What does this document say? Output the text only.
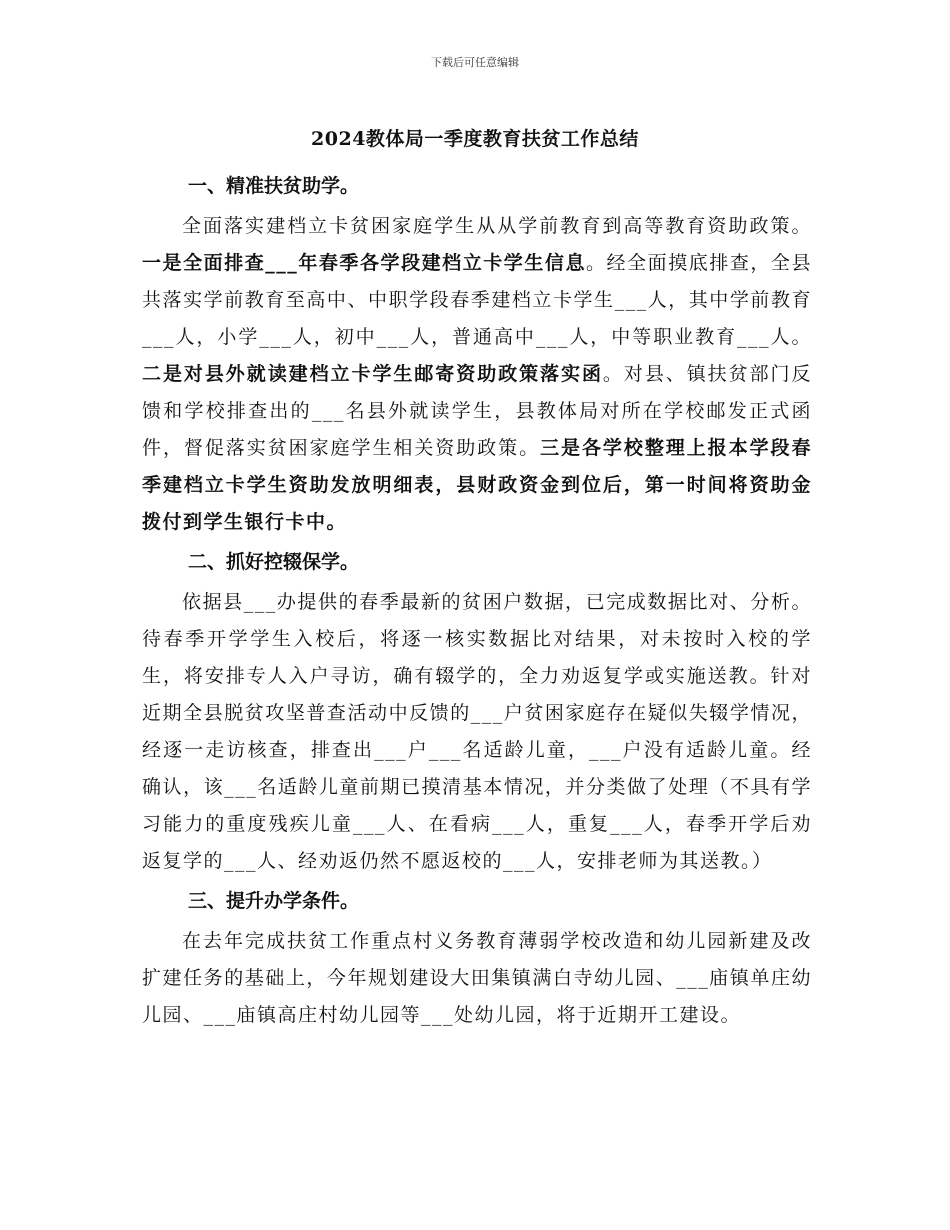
下载后可任意编辑
2024教体局一季度教育扶贫工作总结
一、精准扶贫助学。

全面落实建档立卡贫困家庭学生从从学前教育到高等教育资助政策。一是全面排查___年春季各学段建档立卡学生信息。经全面摸底排查，全县共落实学前教育至高中、中职学段春季建档立卡学生___人，其中学前教育___人，小学___人，初中___人，普通高中___人，中等职业教育___人。二是对县外就读建档立卡学生邮寄资助政策落实函。对县、镇扶贫部门反馈和学校排查出的___名县外就读学生，县教体局对所在学校邮发正式函件，督促落实贫困家庭学生相关资助政策。三是各学校整理上报本学段春季建档立卡学生资助发放明细表，县财政资金到位后，第一时间将资助金拨付到学生银行卡中。

二、抓好控辍保学。

依据县___办提供的春季最新的贫困户数据，已完成数据比对、分析。待春季开学学生入校后，将逐一核实数据比对结果，对未按时入校的学生，将安排专人入户寻访，确有辍学的，全力劝返复学或实施送教。针对近期全县脱贫攻坚普查活动中反馈的___户贫困家庭存在疑似失辍学情况，经逐一走访核查，排查出___户___名适龄儿童，___户没有适龄儿童。经确认，该___名适龄儿童前期已摸清基本情况，并分类做了处理（不具有学习能力的重度残疾儿童___人、在看病___人，重复___人，春季开学后劝返复学的___人、经劝返仍然不愿返校的___人，安排老师为其送教。）

三、提升办学条件。

在去年完成扶贫工作重点村义务教育薄弱学校改造和幼儿园新建及改扩建任务的基础上，今年规划建设大田集镇满白寺幼儿园、___庙镇单庄幼儿园、___庙镇高庄村幼儿园等___处幼儿园，将于近期开工建设。
